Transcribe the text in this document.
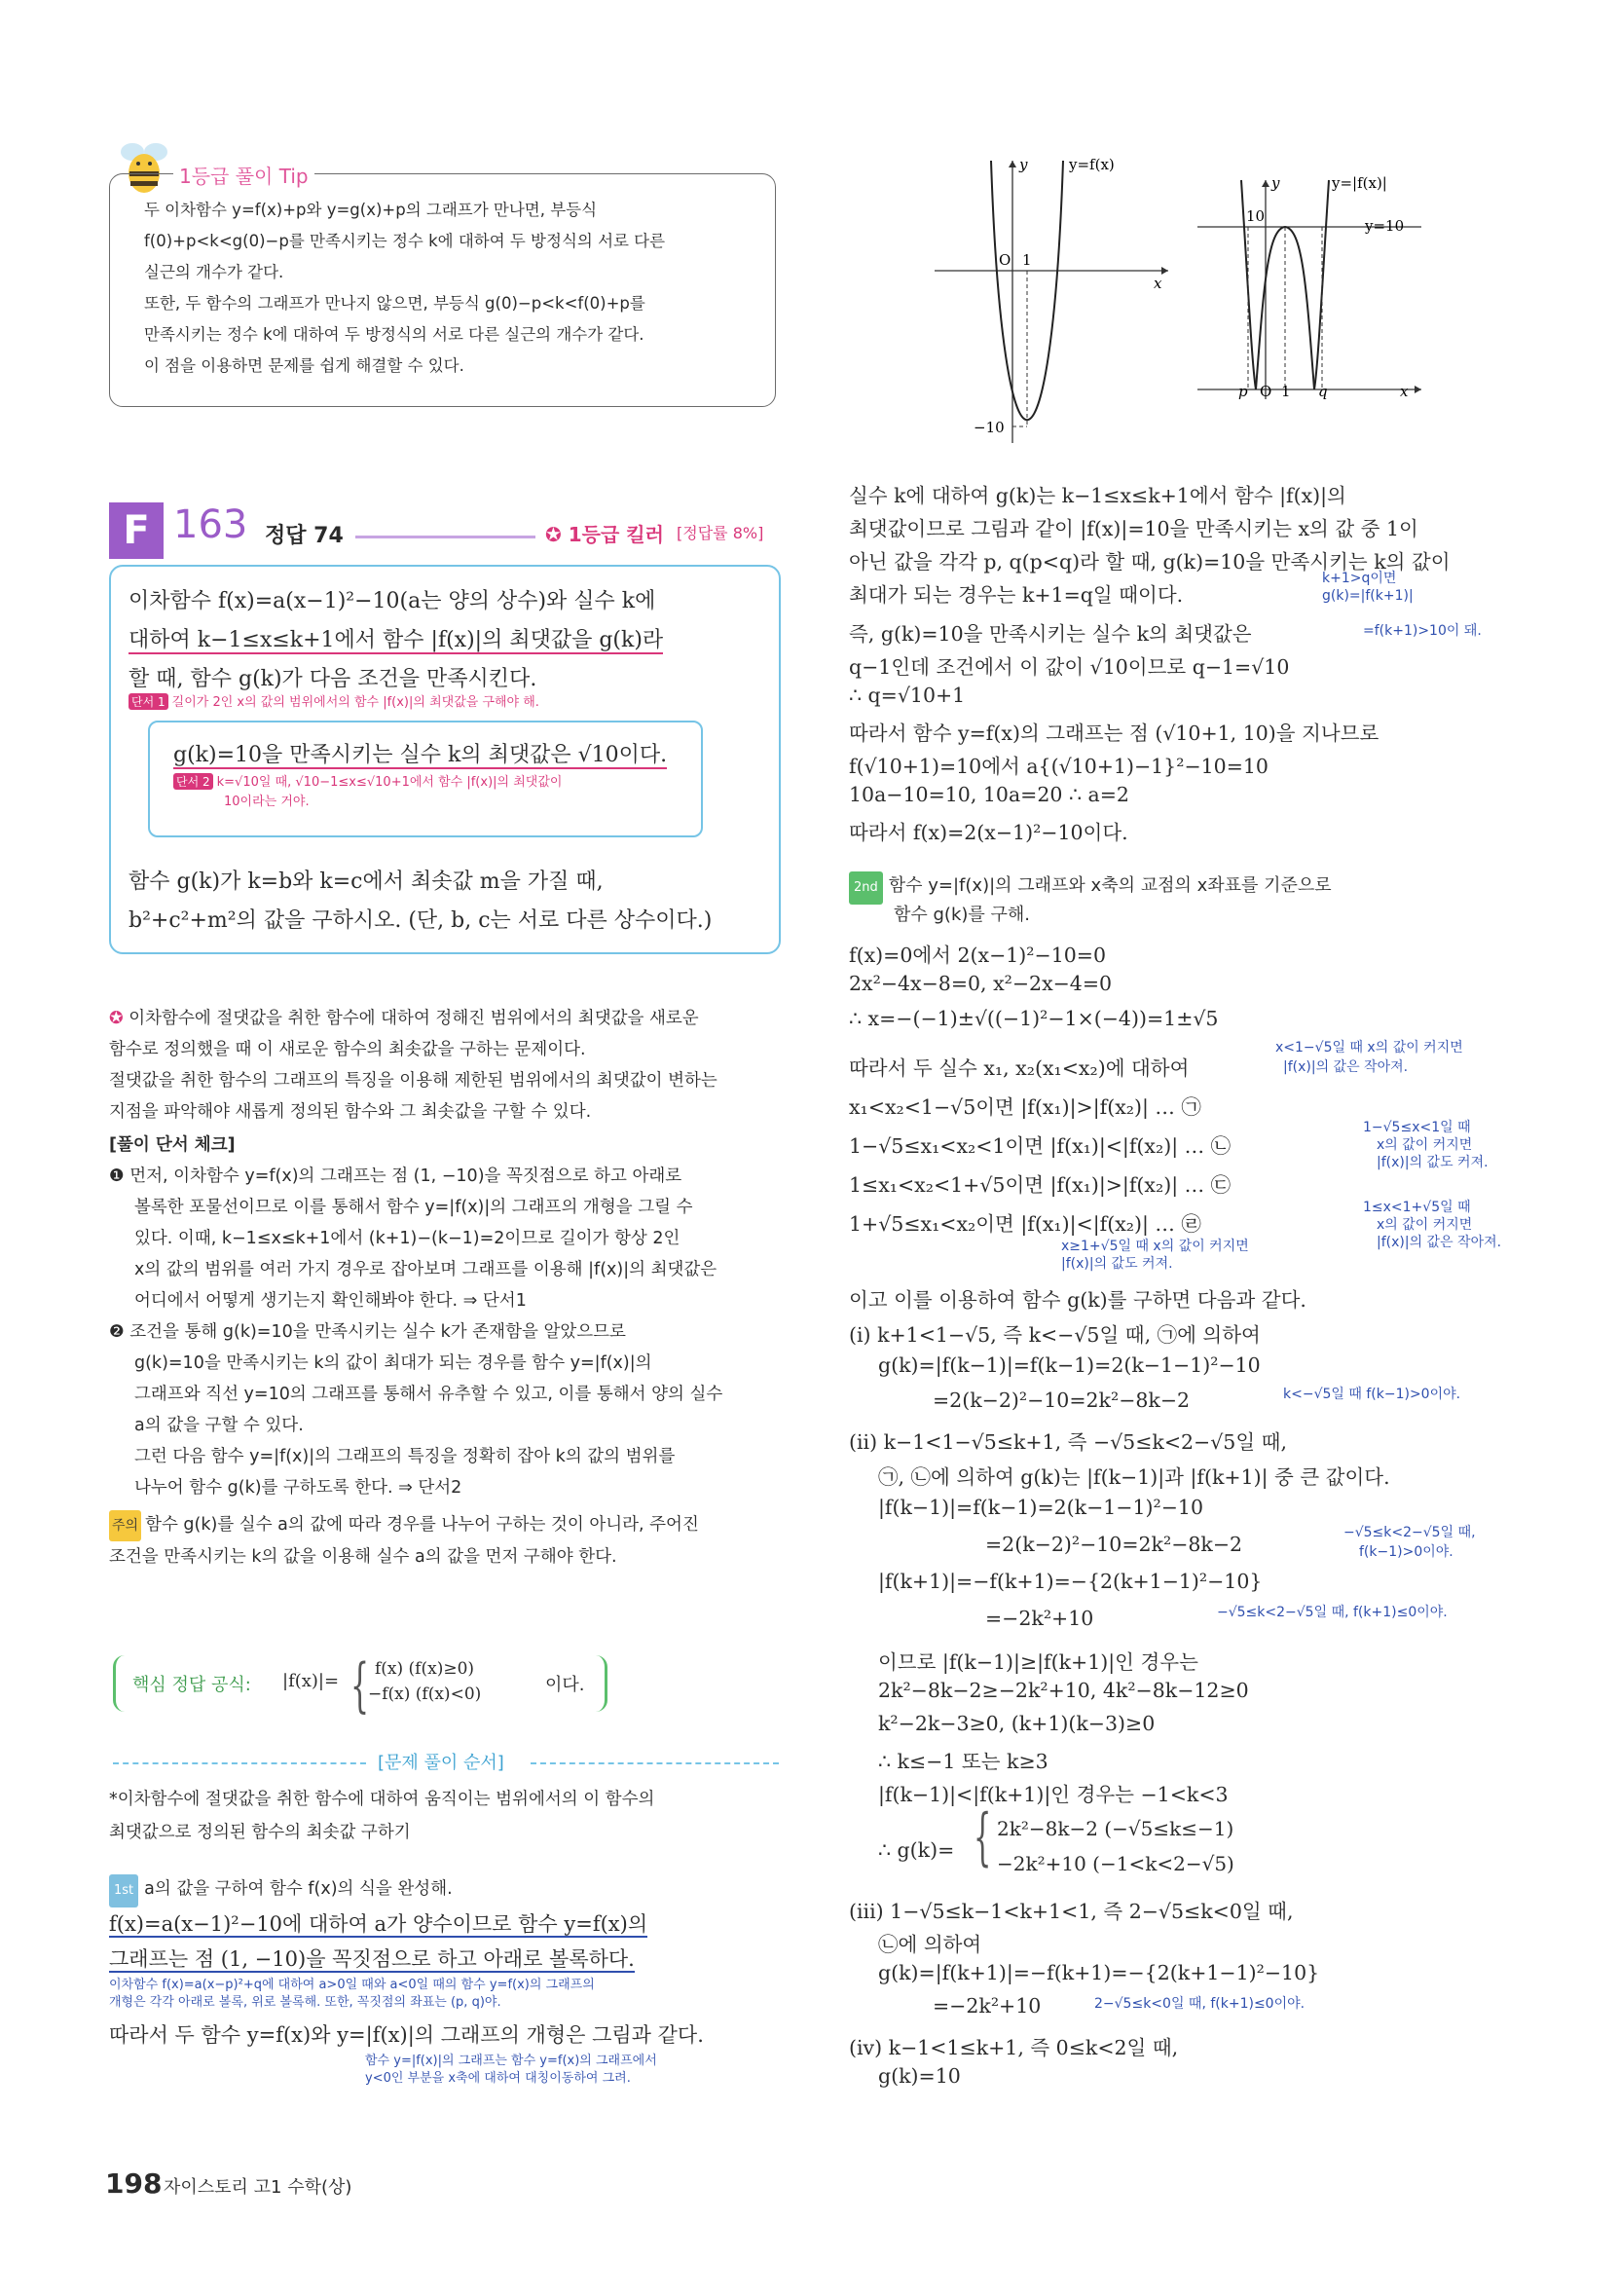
1등급 풀이 Tip
두 이차함수 y=f(x)+p와 y=g(x)+p의 그래프가 만나면, 부등식
f(0)+p<k<g(0)−p를 만족시키는 정수 k에 대하여 두 방정식의 서로 다른
실근의 개수가 같다.
또한, 두 함수의 그래프가 만나지 않으면, 부등식 g(0)−p<k<f(0)+p를
만족시키는 정수 k에 대하여 두 방정식의 서로 다른 실근의 개수가 같다.
이 점을 이용하면 문제를 쉽게 해결할 수 있다.
y	y=f(x)
x
O 1
−10
y	y=|f(x)|
y=10
10
p O 1 q	x
F 163 정답 74	✪ 1등급 킬러 [정답률 8%]
이차함수 f(x)=a(x−1)²−10(a는 양의 상수)와 실수 k에
대하여 k−1≤x≤k+1에서 함수 |f(x)|의 최댓값을 g(k)라
할 때, 함수 g(k)가 다음 조건을 만족시킨다.
단서 1 길이가 2인 x의 값의 범위에서의 함수 |f(x)|의 최댓값을 구해야 해.
g(k)=10을 만족시키는 실수 k의 최댓값은 √10이다.
단서 2 k=√10일 때, √10−1≤x≤√10+1에서 함수 |f(x)|의 최댓값이
10이라는 거야.
함수 g(k)가 k=b와 k=c에서 최솟값 m을 가질 때,
b²+c²+m²의 값을 구하시오. (단, b, c는 서로 다른 상수이다.)
✪ 이차함수에 절댓값을 취한 함수에 대하여 정해진 범위에서의 최댓값을 새로운
함수로 정의했을 때 이 새로운 함수의 최솟값을 구하는 문제이다.
절댓값을 취한 함수의 그래프의 특징을 이용해 제한된 범위에서의 최댓값이 변하는
지점을 파악해야 새롭게 정의된 함수와 그 최솟값을 구할 수 있다.
[풀이 단서 체크]
❶ 먼저, 이차함수 y=f(x)의 그래프는 점 (1, −10)을 꼭짓점으로 하고 아래로
볼록한 포물선이므로 이를 통해서 함수 y=|f(x)|의 그래프의 개형을 그릴 수
있다. 이때, k−1≤x≤k+1에서 (k+1)−(k−1)=2이므로 길이가 항상 2인
x의 값의 범위를 여러 가지 경우로 잡아보며 그래프를 이용해 |f(x)|의 최댓값은
어디에서 어떻게 생기는지 확인해봐야 한다. ⇒ 단서1
❷ 조건을 통해 g(k)=10을 만족시키는 실수 k가 존재함을 알았으므로
g(k)=10을 만족시키는 k의 값이 최대가 되는 경우를 함수 y=|f(x)|의
그래프와 직선 y=10의 그래프를 통해서 유추할 수 있고, 이를 통해서 양의 실수
a의 값을 구할 수 있다.
그런 다음 함수 y=|f(x)|의 그래프의 특징을 정확히 잡아 k의 값의 범위를
나누어 함수 g(k)를 구하도록 한다. ⇒ 단서2
주의 함수 g(k)를 실수 a의 값에 따라 경우를 나누어 구하는 것이 아니라, 주어진
조건을 만족시키는 k의 값을 이용해 실수 a의 값을 먼저 구해야 한다.
핵심 정답 공식: |f(x)|= { f(x) (f(x)≥0)
−f(x) (f(x)<0)	이다.
[문제 풀이 순서]
*이차함수에 절댓값을 취한 함수에 대하여 움직이는 범위에서의 이 함수의
최댓값으로 정의된 함수의 최솟값 구하기
1st a의 값을 구하여 함수 f(x)의 식을 완성해.
f(x)=a(x−1)²−10에 대하여 a가 양수이므로 함수 y=f(x)의
그래프는 점 (1, −10)을 꼭짓점으로 하고 아래로 볼록하다.
이차함수 f(x)=a(x−p)²+q에 대하여 a>0일 때와 a<0일 때의 함수 y=f(x)의 그래프의
개형은 각각 아래로 볼록, 위로 볼록해. 또한, 꼭짓점의 좌표는 (p, q)야.
따라서 두 함수 y=f(x)와 y=|f(x)|의 그래프의 개형은 그림과 같다.
함수 y=|f(x)|의 그래프는 함수 y=f(x)의 그래프에서
y<0인 부분을 x축에 대하여 대칭이동하여 그려.
실수 k에 대하여 g(k)는 k−1≤x≤k+1에서 함수 |f(x)|의
최댓값이므로 그림과 같이 |f(x)|=10을 만족시키는 x의 값 중 1이
아닌 값을 각각 p, q(p<q)라 할 때, g(k)=10을 만족시키는 k의 값이
최대가 되는 경우는 k+1=q일 때이다.
k+1>q이면
g(k)=|f(k+1)|
=f(k+1)>10이 돼.
즉, g(k)=10을 만족시키는 실수 k의 최댓값은
q−1인데 조건에서 이 값이 √10이므로 q−1=√10
∴ q=√10+1
따라서 함수 y=f(x)의 그래프는 점 (√10+1, 10)을 지나므로
f(√10+1)=10에서 a{(√10+1)−1}²−10=10
10a−10=10, 10a=20 ∴ a=2
따라서 f(x)=2(x−1)²−10이다.
2nd 함수 y=|f(x)|의 그래프와 x축의 교점의 x좌표를 기준으로
함수 g(k)를 구해.
f(x)=0에서 2(x−1)²−10=0
2x²−4x−8=0, x²−2x−4=0
∴ x=−(−1)±√((−1)²−1×(−4))=1±√5
따라서 두 실수 x₁, x₂(x₁<x₂)에 대하여
x<1−√5일 때 x의 값이 커지면
|f(x)|의 값은 작아져.
x₁<x₂<1−√5이면 |f(x₁)|>|f(x₂)| … ㉠
1−√5≤x₁<x₂<1이면 |f(x₁)|<|f(x₂)| … ㉡
1≤x₁<x₂<1+√5이면 |f(x₁)|>|f(x₂)| … ㉢
1+√5≤x₁<x₂이면 |f(x₁)|<|f(x₂)| … ㉣
1−√5≤x<1일 때
x의 값이 커지면
|f(x)|의 값도 커져.
1≤x<1+√5일 때
x의 값이 커지면
|f(x)|의 값은 작아져.
x≥1+√5일 때 x의 값이 커지면
|f(x)|의 값도 커져.
이고 이를 이용하여 함수 g(k)를 구하면 다음과 같다.
(i) k+1<1−√5, 즉 k<−√5일 때, ㉠에 의하여
g(k)=|f(k−1)|=f(k−1)=2(k−1−1)²−10
=2(k−2)²−10=2k²−8k−2	k<−√5일 때 f(k−1)>0이야.
(ii) k−1<1−√5≤k+1, 즉 −√5≤k<2−√5일 때,
㉠, ㉡에 의하여 g(k)는 |f(k−1)|과 |f(k+1)| 중 큰 값이다.
|f(k−1)|=f(k−1)=2(k−1−1)²−10
=2(k−2)²−10=2k²−8k−2	−√5≤k<2−√5일 때,
f(k−1)>0이야.
|f(k+1)|=−f(k+1)=−{2(k+1−1)²−10}
=−2k²+10	−√5≤k<2−√5일 때, f(k+1)≤0이야.
이므로 |f(k−1)|≥|f(k+1)|인 경우는
2k²−8k−2≥−2k²+10, 4k²−8k−12≥0
k²−2k−3≥0, (k+1)(k−3)≥0
∴ k≤−1 또는 k≥3
|f(k−1)|<|f(k+1)|인 경우는 −1<k<3
∴ g(k)= { 2k²−8k−2 (−√5≤k≤−1)
−2k²+10 (−1<k<2−√5)
(iii) 1−√5≤k−1<k+1<1, 즉 2−√5≤k<0일 때,
㉡에 의하여
g(k)=|f(k+1)|=−f(k+1)=−{2(k+1−1)²−10}
=−2k²+10	2−√5≤k<0일 때, f(k+1)≤0이야.
(iv) k−1<1≤k+1, 즉 0≤k<2일 때,
g(k)=10
198 자이스토리 고1 수학(상)
